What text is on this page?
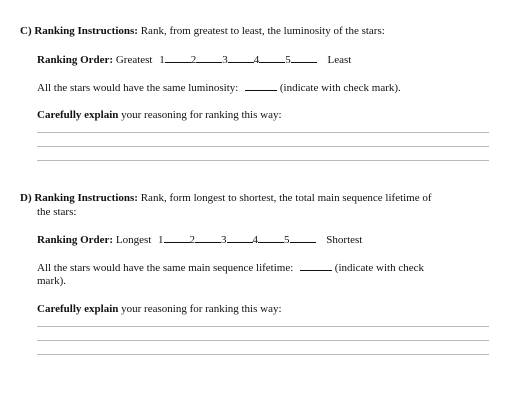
C) Ranking Instructions: Rank, from greatest to least, the luminosity of the stars:
Ranking Order: Greatest 1 2 3 4 5	Least
All the stars would have the same luminosity:	(indicate with check mark).
Carefully explain your reasoning for ranking this way:
D) Ranking Instructions: Rank, form longest to shortest, the total main sequence lifetime of
the stars:
Ranking Order: Longest 1 2 3 4 5	Shortest
All the stars would have the same main sequence lifetime:	(indicate with check
mark).
Carefully explain your reasoning for ranking this way:
